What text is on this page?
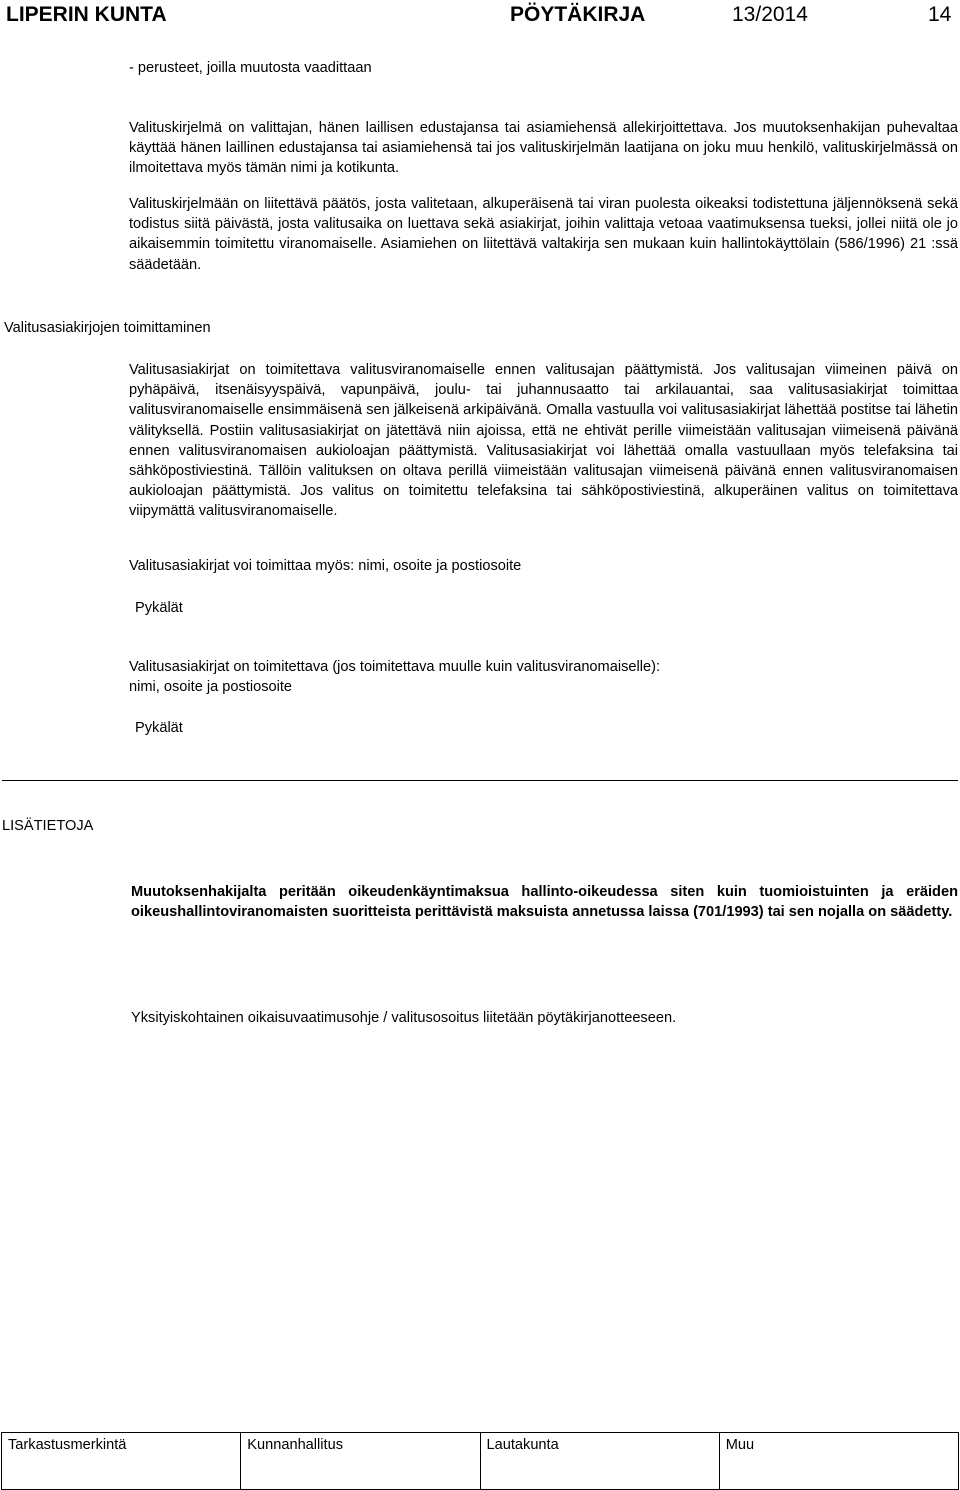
LIPERIN KUNTA	PÖYTÄKIRJA	13/2014	14
- perusteet, joilla muutosta vaadittaan
Valituskirjelmä on valittajan, hänen laillisen edustajansa tai asiamiehensä allekirjoittettava. Jos muutoksenhakijan puhevaltaa käyttää hänen laillinen edustajansa tai asiamiehensä tai jos valituskirjelmän laatijana on joku muu henkilö, valituskirjelmässä on ilmoitettava myös tämän nimi ja kotikunta.
Valituskirjelmään on liitettävä päätös, josta valitetaan, alkuperäisenä tai viran puolesta oikeaksi todistettuna jäljennöksenä sekä todistus siitä päivästä, josta valitusaika on luettava sekä asiakirjat, joihin valittaja vetoaa vaatimuksensa tueksi, jollei niitä ole jo aikaisemmin toimitettu viranomaiselle. Asiamiehen on liitettävä valtakirja sen mukaan kuin hallintokäyttölain (586/1996) 21 :ssä säädetään.
Valitusasiakirjojen toimittaminen
Valitusasiakirjat on toimitettava valitusviranomaiselle ennen valitusajan päättymistä. Jos valitusajan viimeinen päivä on pyhäpäivä, itsenäisyyspäivä, vapunpäivä, joulu- tai juhannusaatto tai arkilauantai, saa valitusasiakirjat toimittaa valitusviranomaiselle ensimmäisenä sen jälkeisenä arkipäivänä. Omalla vastuulla voi valitusasiakirjat lähettää postitse tai lähetin välityksellä. Postiin valitusasiakirjat on jätettävä niin ajoissa, että ne ehtivät perille viimeistään valitusajan viimeisenä päivänä ennen valitusviranomaisen aukioloajan päättymistä. Valitusasiakirjat voi lähettää omalla vastuullaan myös telefaksina tai sähköpostiviestinä. Tällöin valituksen on oltava perillä viimeistään valitusajan viimeisenä päivänä ennen valitusviranomaisen aukioloajan päättymistä. Jos valitus on toimitettu telefaksina tai sähköpostiviestinä, alkuperäinen valitus on toimitettava viipymättä valitusviranomaiselle.
Valitusasiakirjat voi toimittaa myös: nimi, osoite ja postiosoite
Pykälät
Valitusasiakirjat on toimitettava (jos toimitettava muulle kuin valitusviranomaiselle):
nimi, osoite ja postiosoite
Pykälät
LISÄTIETOJA
Muutoksenhakijalta peritään oikeudenkäyntimaksua hallinto-oikeudessa siten kuin tuomioistuinten ja eräiden oikeushallintoviranomaisten suoritteista perittävistä maksuista annetussa laissa (701/1993) tai sen nojalla on säädetty.
Yksityiskohtainen oikaisuvaatimusohje / valitusosoitus liitetään pöytäkirjanotteeseen.
Tarkastusmerkintä	Kunnanhallitus	Lautakunta	Muu
